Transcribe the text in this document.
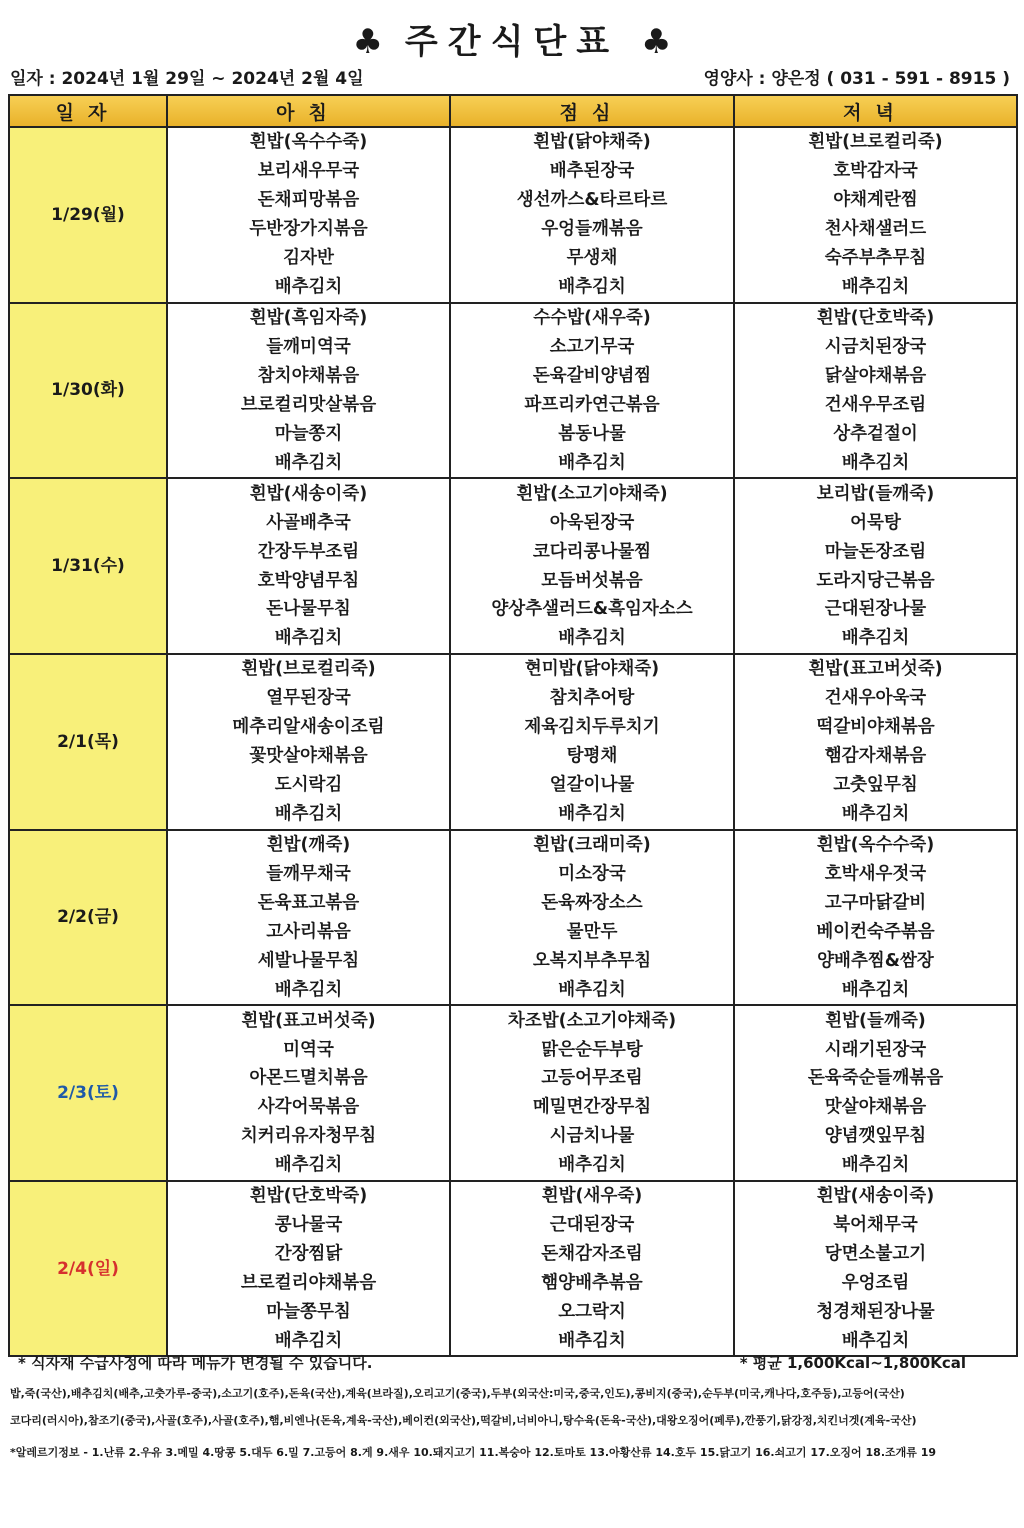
♣ 주간식단표 ♣
일자 : 2024년 1월 29일 ~ 2024년 2월 4일	영양사 : 양은정 ( 031 - 591 - 8915 )
일자	아침	점심	저녁
1/29(월)	흰밥(옥수수죽)	흰밥(닭야채죽)	흰밥(브로컬리죽)
	보리새우무국	배추된장국	호박감자국
	돈채피망볶음	생선까스&타르타르	야채계란찜
	두반장가지볶음	우엉들깨볶음	천사채샐러드
	김자반	무생채	숙주부추무침
	배추김치	배추김치	배추김치
1/30(화)	흰밥(흑임자죽)	수수밥(새우죽)	흰밥(단호박죽)
	들깨미역국	소고기무국	시금치된장국
	참치야채볶음	돈육갈비양념찜	닭살야채볶음
	브로컬리맛살볶음	파프리카연근볶음	건새우무조림
	마늘쫑지	봄동나물	상추겉절이
	배추김치	배추김치	배추김치
1/31(수)	흰밥(새송이죽)	흰밥(소고기야채죽)	보리밥(들깨죽)
	사골배추국	아욱된장국	어묵탕
	간장두부조림	코다리콩나물찜	마늘돈장조림
	호박양념무침	모듬버섯볶음	도라지당근볶음
	돈나물무침	양상추샐러드&흑임자소스	근대된장나물
	배추김치	배추김치	배추김치
2/1(목)	흰밥(브로컬리죽)	현미밥(닭야채죽)	흰밥(표고버섯죽)
	열무된장국	참치추어탕	건새우아욱국
	메추리알새송이조림	제육김치두루치기	떡갈비야채볶음
	꽃맛살야채볶음	탕평채	햄감자채볶음
	도시락김	얼갈이나물	고춧잎무침
	배추김치	배추김치	배추김치
2/2(금)	흰밥(깨죽)	흰밥(크래미죽)	흰밥(옥수수죽)
	들깨무채국	미소장국	호박새우젓국
	돈육표고볶음	돈육짜장소스	고구마닭갈비
	고사리볶음	물만두	베이컨숙주볶음
	세발나물무침	오복지부추무침	양배추찜&쌈장
	배추김치	배추김치	배추김치
2/3(토)	흰밥(표고버섯죽)	차조밥(소고기야채죽)	흰밥(들깨죽)
	미역국	맑은순두부탕	시래기된장국
	아몬드멸치볶음	고등어무조림	돈육죽순들깨볶음
	사각어묵볶음	메밀면간장무침	맛살야채볶음
	치커리유자청무침	시금치나물	양념깻잎무침
	배추김치	배추김치	배추김치
2/4(일)	흰밥(단호박죽)	흰밥(새우죽)	흰밥(새송이죽)
	콩나물국	근대된장국	북어채무국
	간장찜닭	돈채감자조림	당면소불고기
	브로컬리야채볶음	햄양배추볶음	우엉조림
	마늘쫑무침	오그락지	청경채된장나물
	배추김치	배추김치	배추김치
* 식자재 수급사정에 따라 메뉴가 변경될 수 있습니다.	* 평균 1,600Kcal~1,800Kcal
밥,죽(국산),배추김치(배추,고춧가루-중국),소고기(호주),돈육(국산),계육(브라질),오리고기(중국),두부(외국산:미국,중국,인도),콩비지(중국),순두부(미국,캐나다,호주등),고등어(국산)
코다리(러시아),참조기(중국),사골(호주),사골(호주),햄,비엔나(돈육,계육-국산),베이컨(외국산),떡갈비,너비아니,탕수육(돈육-국산),대왕오징어(페루),깐풍기,닭강정,치킨너겟(계육-국산)
*알레르기정보 - 1.난류 2.우유 3.메밀 4.땅콩 5.대두 6.밀 7.고등어 8.게 9.새우 10.돼지고기 11.복숭아 12.토마토 13.아황산류 14.호두 15.닭고기 16.쇠고기 17.오징어 18.조개류 19
